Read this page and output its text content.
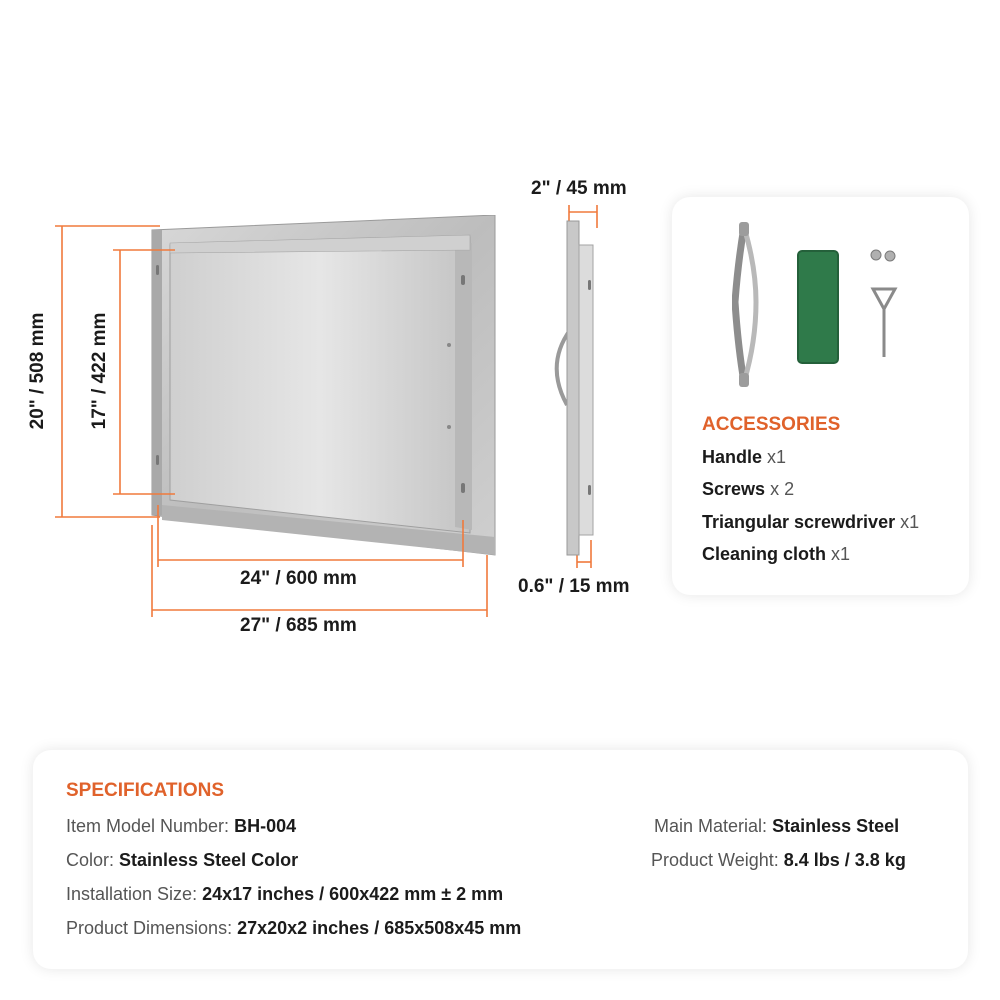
2" / 45 mm
20" / 508 mm 17" / 422 mm
24" / 600 mm
27" / 685 mm
0.6" / 15 mm
ACCESSORIES
Handle x1
Screws x 2
Triangular screwdriver x1
Cleaning cloth x1
SPECIFICATIONS
Item Model Number: BH-004
Color: Stainless Steel Color
Installation Size: 24x17 inches / 600x422 mm ± 2 mm
Product Dimensions: 27x20x2 inches / 685x508x45 mm
Main Material: Stainless Steel
Product Weight: 8.4 lbs / 3.8 kg
